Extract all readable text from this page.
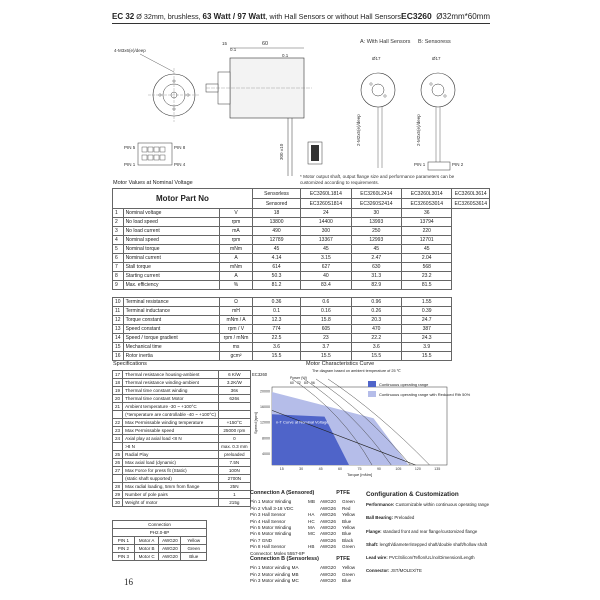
EC 32 Ø 32mm, brushless, 63 Watt / 97 Watt, with Hall Sensors or without Hall Sensors EC3260 Ø32mm*60mm
A: With Hall Sensors B: Sensoress
4-M3x6(e)/deep
60
0.1
15
0.1
300 ±10
PIN 5	PIN 8
PIN 1	PIN 4
Ø17
2-M2x5(e)/deep
Ø17
2-M2x5(e)/deep
PIN 1	PIN 2
* Motor output shaft, output flange size and performance parameters can be customized according to requirements.
Motor Values at Nominal Voltage
Motor Part No			Sensorless	EC3260L1814	EC3260L2414	EC3260L3014	EC3260L3614
			Sensored	EC3260S1814	EC3260S2414	EC3260S3014	EC3260S3614
1	Nominal voltage	V	18	24	30	36	
2	No load speed	rpm	13800	14400	13993	13794	
3	No load current	mA	490	300	250	220	
4	Nominal speed	rpm	12789	13367	12993	12701	
5	Nominal torque	mNm	45	45	45	45	
6	Nominal current	A	4.14	3.15	2.47	2.04	
7	Stall torque	mNm	614	627	630	568	
8	Starting current	A	50.3	40	31.3	23.2	
9	Max. efficiency	%	81.2	83.4	82.9	81.5	

10	Terminal resistance	Ω	0.36	0.6	0.96	1.55	
11	Terminal inductance	mH	0.1	0.16	0.26	0.39	
12	Torque constant	mNm / A	12.3	15.8	20.3	24.7	
13	Speed constant	rpm / V	774	605	470	387	
14	Speed / torque gradient	rpm / mNm	22.5	23	22.2	24.3	
15	Mechanical time	ms	3.6	3.7	3.6	3.9	
16	Rotor inertia	gcm²	15.5	15.5	15.5	15.5	
Specifications	Motor Characteristics Curve
17	Thermal resistance housing-ambient	6 K/W
18	Thermal resistance winding-ambient	3.2K/W
19	Thermal time constant winding	36s
20	Thermal time constant Motor	626s
21	Ambient temperature -30 ~ +100°C	
	(*temperature are controllable -40 ~ +100°C)	
22	Max Permissable winding temperature	+150°C
23	Max Permissable speed	25000 rpm
24	Axial play at axial load <8 N	0
	>8 N	max. 0.3 mm
25	Radial Play	preloaded
26	Max axial load (dynamic)	7.5N
27	Max Force for press fit (Static)	100N
	(static shaft supported)	2700N
28	Max radial loading, 5mm from flange	25N
29	Number of pole pairs	1
30	Weight of motor	215g
20000
16000
12000
8000
4000
15	30	45	60	75	90	105	120	135
EC3260
The diagram based on ambient temperature of 25 ℃
Power (W)
60 72 84 96
n-T Curve at Nominal Voltage
Torque [mNm]
Speed [rpm]
Continuous operating range
Continuous operating range with Reduced Rth 50%
Connection			
PH2.0-8P			
PIN 1	Motor A	AWG20	Yellow
PIN 2	Motor B	AWG20	Green
PIN 3	Motor C	AWG20	Blue
Connection A (Sensored)	PTFE
Pin 1 Motor Winding	MB	AWG20	Green
Pin 2 Vhall 3-18 VDC	AWG26	Red
Pin 3 Hall Sensor	HA	AWG26	Yellow
Pin 4 Hall Sensor	HC	AWG26	Blue
Pin 5 Motor Winding	MA	AWG20	Yellow
Pin 6 Motor Winding	MC	AWG20	Blue
Pin 7 GND	AWG26	Black
Pin 8 Hall Sensor	HB	AWG26	Green
Connector: Molex 5557-8P
Connection B (Sensorless)	PTFE
Pin 1 Motor winding MA	AWG20	Yellow
Pin 2 Motor winding MB	AWG20	Green
Pin 3 Motor winding MC	AWG20	Blue
Configuration & Customization
Performance: Customizable within continuous operating range
Ball Bearing: Preloaded
Flange: standard front and rear flange/customized flange
Shaft: length/diameter/stepped shaft/double shaft/hollow shaft
Lead wire: PVC/Silicon/Teflon/UL/no/Dimension/Length
Connector: JST/MOLEX/TE
16
